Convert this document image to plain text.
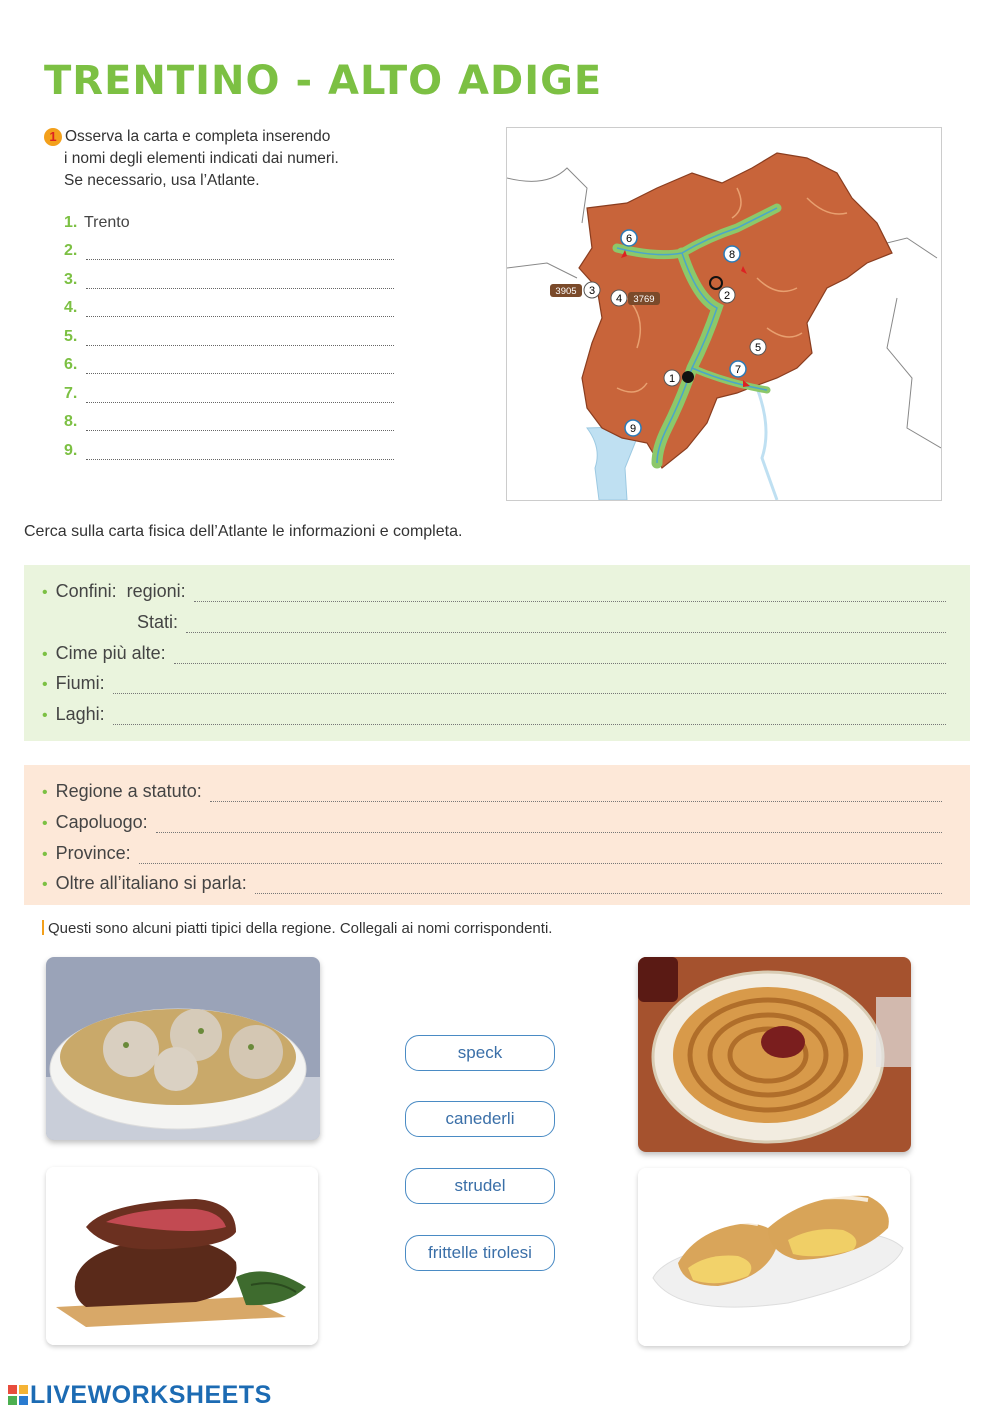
TRENTINO - ALTO ADIGE
1 Osserva la carta e completa inserendo
i nomi degli elementi indicati dai numeri.
Se necessario, usa l’Atlante.
1. Trento
2.
3.
4.
5.
6.
7.
8.
9.
1
2
3
4
5
6
7
8
9
3905
3769
Cerca sulla carta fisica dell’Atlante le informazioni e completa.
• Confini: regioni:
Stati:
• Cime più alte:
• Fiumi:
• Laghi:
• Regione a statuto:
• Capoluogo:
• Province:
• Oltre all’italiano si parla:
Questi sono alcuni piatti tipici della regione. Collegali ai nomi corrispondenti.
speck
canederli
strudel
frittelle tirolesi
LIVEWORKSHEETS
